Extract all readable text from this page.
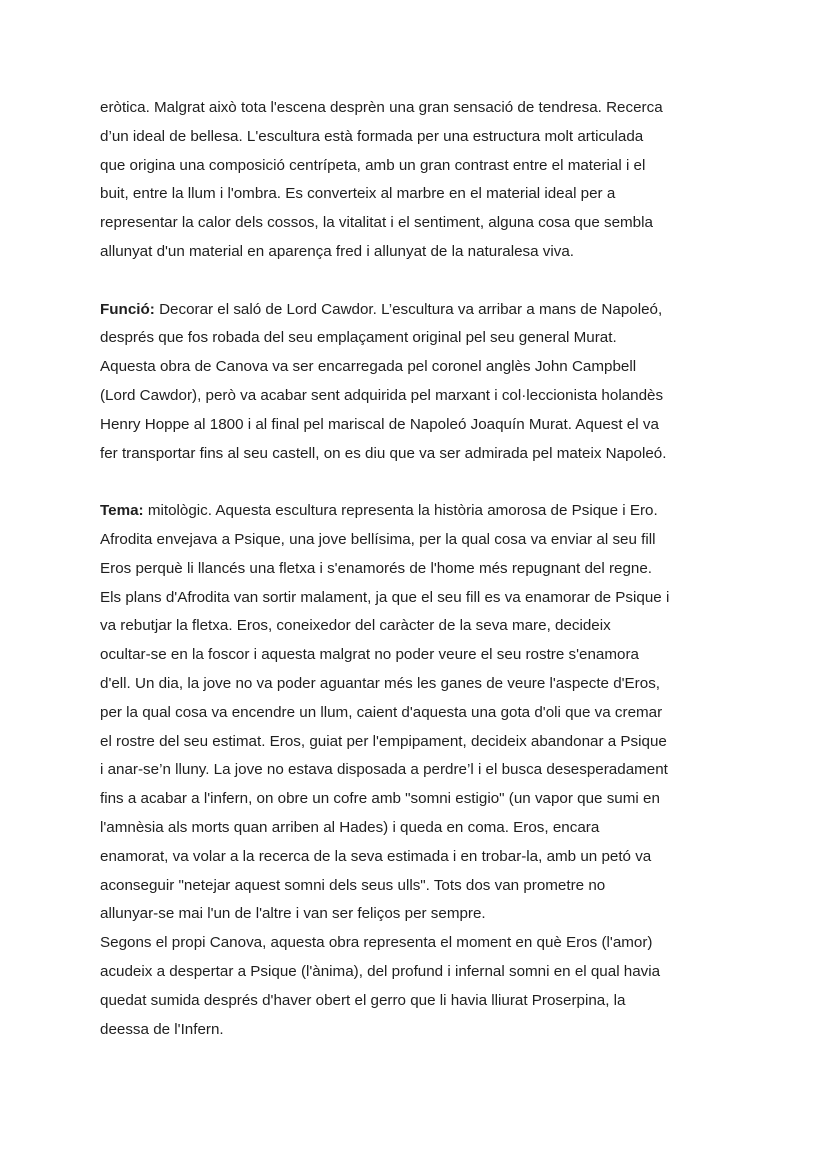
eròtica. Malgrat això tota l'escena desprèn una gran sensació de tendresa. Recerca
d’un ideal de bellesa. L'escultura està formada per una estructura molt articulada
que origina una composició centrípeta, amb un gran contrast entre el material i el
buit, entre la llum i l'ombra. Es converteix al marbre en el material ideal per a
representar la calor dels cossos, la vitalitat i el sentiment, alguna cosa que sembla
allunyat d'un material en aparença fred i allunyat de la naturalesa viva.

Funció: Decorar el saló de Lord Cawdor. L’escultura va arribar a mans de Napoleó,
després que fos robada del seu emplaçament original pel seu general Murat.
Aquesta obra de Canova va ser encarregada pel coronel anglès John Campbell
(Lord Cawdor), però va acabar sent adquirida pel marxant i col·leccionista holandès
Henry Hoppe al 1800 i al final pel mariscal de Napoleó Joaquín Murat. Aquest el va
fer transportar fins al seu castell, on es diu que va ser admirada pel mateix Napoleó.

Tema: mitològic. Aquesta escultura representa la història amorosa de Psique i Ero.
Afrodita envejava a Psique, una jove bellísima, per la qual cosa va enviar al seu fill
Eros perquè li llancés una fletxa i s'enamorés de l'home més repugnant del regne.
Els plans d'Afrodita van sortir malament, ja que el seu fill es va enamorar de Psique i
va rebutjar la fletxa. Eros, coneixedor del caràcter de la seva mare, decideix
ocultar-se en la foscor i aquesta malgrat no poder veure el seu rostre s'enamora
d'ell. Un dia, la jove no va poder aguantar més les ganes de veure l'aspecte d'Eros,
per la qual cosa va encendre un llum, caient d'aquesta una gota d'oli que va cremar
el rostre del seu estimat. Eros, guiat per l'empipament, decideix abandonar a Psique
i anar-se’n lluny. La jove no estava disposada a perdre’l i el busca desesperadament
fins a acabar a l'infern, on obre un cofre amb "somni estigio" (un vapor que sumi en
l'amnèsia als morts quan arriben al Hades) i queda en coma. Eros, encara
enamorat, va volar a la recerca de la seva estimada i en trobar-la, amb un petó va
aconseguir "netejar aquest somni dels seus ulls". Tots dos van prometre no
allunyar-se mai l'un de l'altre i van ser feliços per sempre.

Segons el propi Canova, aquesta obra representa el moment en què Eros (l'amor)
acudeix a despertar a Psique (l'ànima), del profund i infernal somni en el qual havia
quedat sumida després d'haver obert el gerro que li havia lliurat Proserpina, la
deessa de l'Infern.
